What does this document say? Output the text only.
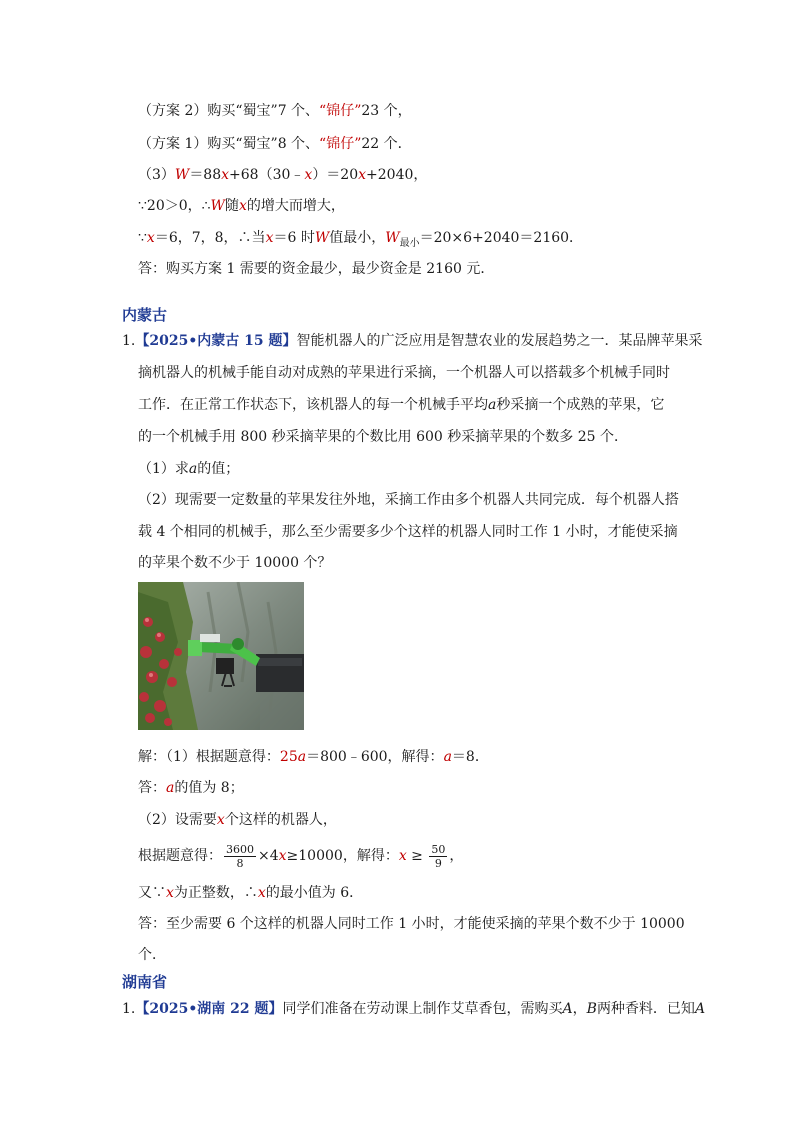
（方案 2）购买“蜀宝”7 个、“锦仔”23 个，
（方案 1）购买“蜀宝”8 个、“锦仔”22 个．
（3）W＝88x+68（30﹣x）＝20x+2040，
∵20＞0，∴W随x的增大而增大，
∵x＝6，7，8，∴当x＝6 时W值最小，$W_{最小}=20\times 6+2040=2160$．
答：购买方案 1 需要的资金最少，最少资金是 2160 元．
内蒙古
1.【2025•内蒙古 15 题】智能机器人的广泛应用是智慧农业的发展趋势之一．某品牌苹果采
摘机器人的机械手能自动对成熟的苹果进行采摘，一个机器人可以搭载多个机械手同时
工作．在正常工作状态下，该机器人的每一个机械手平均a秒采摘一个成熟的苹果，它
的一个机械手用 800 秒采摘苹果的个数比用 600 秒采摘苹果的个数多 25 个．
（1）求a的值；
（2）现需要一定数量的苹果发往外地，采摘工作由多个机器人共同完成．每个机器人搭
载 4 个相同的机械手，那么至少需要多少个这样的机器人同时工作 1 小时，才能使采摘
的苹果个数不少于 10000 个？
解：（1）根据题意得：25a＝800﹣600，解得：a＝8．
答：a的值为 8；
（2）设需要x个这样的机器人，
根据题意得： $\frac{3600}{8} \times 4x\ge 10000$，解得：$x \ge \frac{50}{9}$ ，
又∵x为正整数，∴x的最小值为 6．
答：至少需要 6 个这样的机器人同时工作 1 小时，才能使采摘的苹果个数不少于 10000
个．
湖南省
1.【2025•湖南 22 题】同学们准备在劳动课上制作艾草香包，需购买A，B两种香料．已知A
